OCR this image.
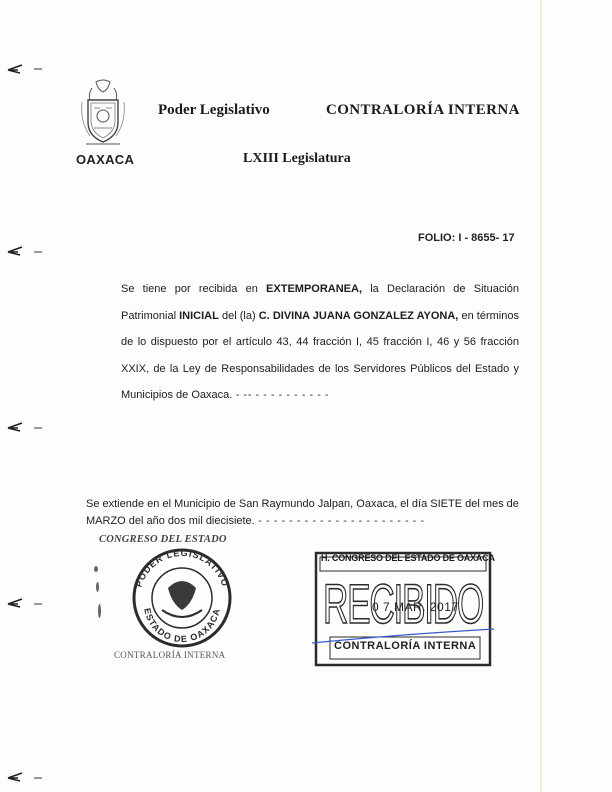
OAXACA
Poder Legislativo	CONTRALORÍA INTERNA
LXIII Legislatura
FOLIO: I - 8655- 17
Se tiene por recibida en EXTEMPORANEA, la Declaración de Situación Patrimonial INICIAL del (la) C. DIVINA JUANA GONZALEZ AYONA, en términos de lo dispuesto por el artículo 43, 44 fracción I, 45 fracción I, 46 y 56 fracción XXIX, de la Ley de Responsabilidades de los Servidores Públicos del Estado y Municipios de Oaxaca. - -- - - - - - - - - - -
Se extiende en el Municipio de San Raymundo Jalpan, Oaxaca, el día SIETE del mes de MARZO del año dos mil diecisiete. - - - - - - - - - - - - - - - - - - - - - -
CONGRESO DEL ESTADO
PODER LEGISLATIVO
ESTADO DE OAXACA
CONTRALORÍA INTERNA
RECIBIDO
H. CONGRESO DEL ESTADO DE OAXACA
0 7 MAR. 2017
CONTRALORÍA INTERNA
